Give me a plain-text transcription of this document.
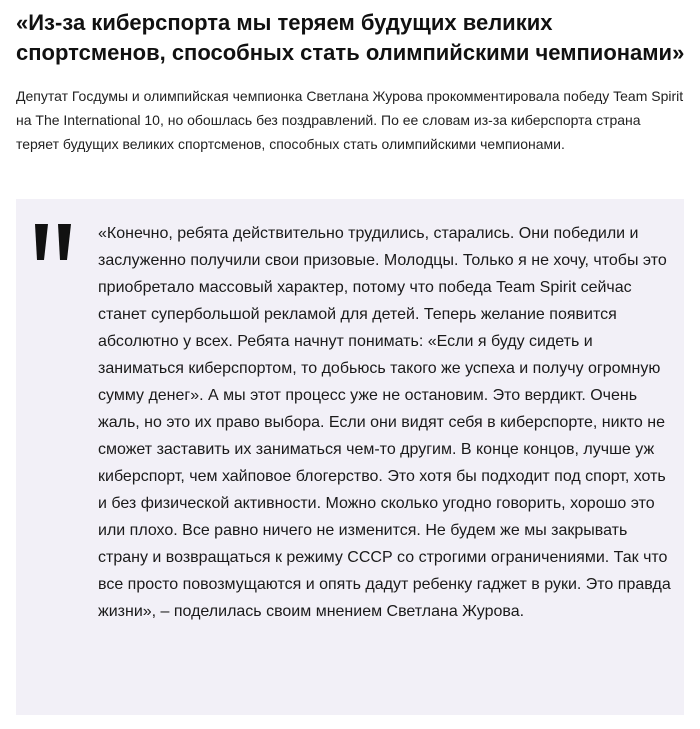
«Из-за киберспорта мы теряем будущих великих спортсменов, способных стать олимпийскими чемпионами»

Депутат Госдумы и олимпийская чемпионка Светлана Журова прокомментировала победу Team Spirit на The International 10, но обошлась без поздравлений. По ее словам из-за киберспорта страна теряет будущих великих спортсменов, способных стать олимпийскими чемпионами.

«Конечно, ребята действительно трудились, старались. Они победили и заслуженно получили свои призовые. Молодцы. Только я не хочу, чтобы это приобретало массовый характер, потому что победа Team Spirit сейчас станет супербольшой рекламой для детей. Теперь желание появится абсолютно у всех. Ребята начнут понимать: «Если я буду сидеть и заниматься киберспортом, то добьюсь такого же успеха и получу огромную сумму денег». А мы этот процесс уже не остановим. Это вердикт. Очень жаль, но это их право выбора. Если они видят себя в киберспорте, никто не сможет заставить их заниматься чем-то другим. В конце концов, лучше уж киберспорт, чем хайповое блогерство. Это хотя бы подходит под спорт, хоть и без физической активности. Можно сколько угодно говорить, хорошо это или плохо. Все равно ничего не изменится. Не будем же мы закрывать страну и возвращаться к режиму СССР со строгими ограничениями. Так что все просто повозмущаются и опять дадут ребенку гаджет в руки. Это правда жизни», – поделилась своим мнением Светлана Журова.
